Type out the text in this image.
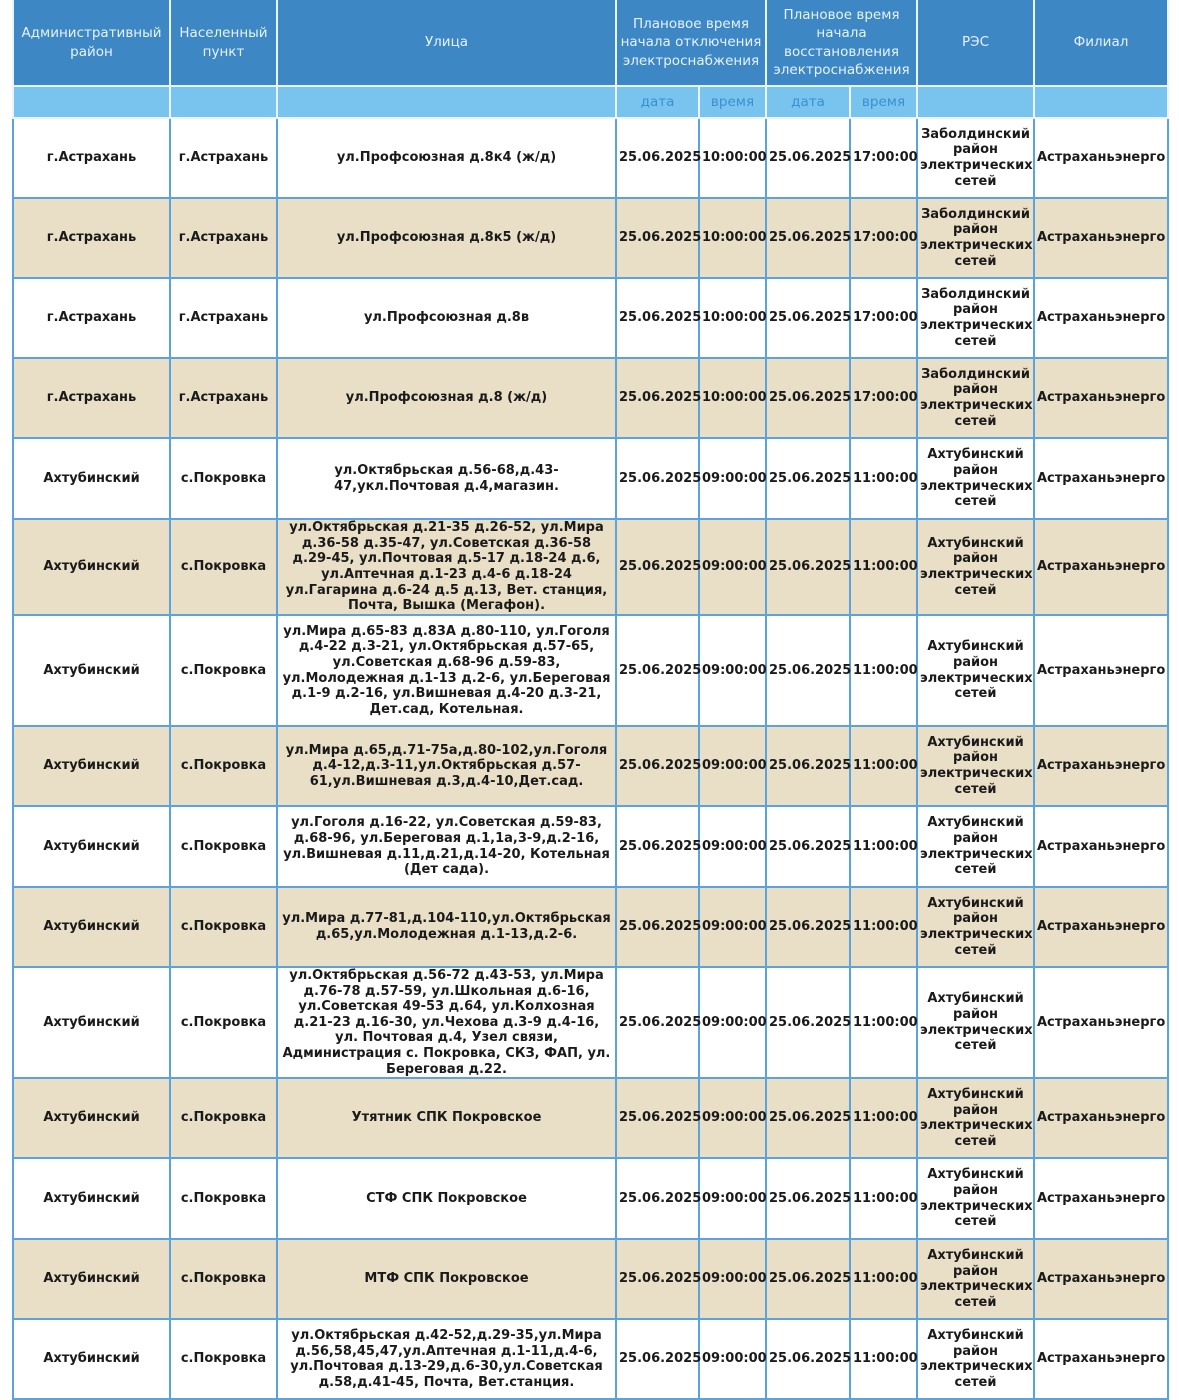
Административный район	Населенный пункт	Улица	Плановое время начала отключения электроснабжения		Плановое время начала восстановления электроснабжения		РЭС	Филиал
			дата	время	дата	время		
г.Астрахань	г.Астрахань	ул.Профсоюзная д.8к4 (ж/д)	25.06.2025	10:00:00	25.06.2025	17:00:00	Заболдинский район электрических сетей	Астраханьэнерго
г.Астрахань	г.Астрахань	ул.Профсоюзная д.8к5 (ж/д)	25.06.2025	10:00:00	25.06.2025	17:00:00	Заболдинский район электрических сетей	Астраханьэнерго
г.Астрахань	г.Астрахань	ул.Профсоюзная д.8в	25.06.2025	10:00:00	25.06.2025	17:00:00	Заболдинский район электрических сетей	Астраханьэнерго
г.Астрахань	г.Астрахань	ул.Профсоюзная д.8 (ж/д)	25.06.2025	10:00:00	25.06.2025	17:00:00	Заболдинский район электрических сетей	Астраханьэнерго
Ахтубинский	с.Покровка	ул.Октябрьская д.56-68,д.43-47,укл.Почтовая д.4,магазин.	25.06.2025	09:00:00	25.06.2025	11:00:00	Ахтубинский район электрических сетей	Астраханьэнерго
Ахтубинский	с.Покровка	ул.Октябрьская д.21-35 д.26-52, ул.Мира д.36-58 д.35-47, ул.Советская д.36-58 д.29-45, ул.Почтовая д.5-17 д.18-24 д.6, ул.Аптечная д.1-23 д.4-6 д.18-24 ул.Гагарина д.6-24 д.5 д.13, Вет. станция, Почта, Вышка (Мегафон).	25.06.2025	09:00:00	25.06.2025	11:00:00	Ахтубинский район электрических сетей	Астраханьэнерго
Ахтубинский	с.Покровка	ул.Мира д.65-83 д.83А д.80-110, ул.Гоголя д.4-22 д.3-21, ул.Октябрьская д.57-65, ул.Советская д.68-96 д.59-83, ул.Молодежная д.1-13 д.2-6, ул.Береговая д.1-9 д.2-16, ул.Вишневая д.4-20 д.3-21, Дет.сад, Котельная.	25.06.2025	09:00:00	25.06.2025	11:00:00	Ахтубинский район электрических сетей	Астраханьэнерго
Ахтубинский	с.Покровка	ул.Мира д.65,д.71-75а,д.80-102,ул.Гоголя д.4-12,д.3-11,ул.Октябрьская д.57-61,ул.Вишневая д.3,д.4-10,Дет.сад.	25.06.2025	09:00:00	25.06.2025	11:00:00	Ахтубинский район электрических сетей	Астраханьэнерго
Ахтубинский	с.Покровка	ул.Гоголя д.16-22, ул.Советская д.59-83, д.68-96, ул.Береговая д.1,1а,3-9,д.2-16, ул.Вишневая д.11,д.21,д.14-20, Котельная (Дет сада).	25.06.2025	09:00:00	25.06.2025	11:00:00	Ахтубинский район электрических сетей	Астраханьэнерго
Ахтубинский	с.Покровка	ул.Мира д.77-81,д.104-110,ул.Октябрьская д.65,ул.Молодежная д.1-13,д.2-6.	25.06.2025	09:00:00	25.06.2025	11:00:00	Ахтубинский район электрических сетей	Астраханьэнерго
Ахтубинский	с.Покровка	ул.Октябрьская д.56-72 д.43-53, ул.Мира д.76-78 д.57-59, ул.Школьная д.6-16, ул.Советская 49-53 д.64, ул.Колхозная д.21-23 д.16-30, ул.Чехова д.3-9 д.4-16, ул. Почтовая д.4, Узел связи, Администрация с. Покровка, СКЗ, ФАП, ул. Береговая д.22.	25.06.2025	09:00:00	25.06.2025	11:00:00	Ахтубинский район электрических сетей	Астраханьэнерго
Ахтубинский	с.Покровка	Утятник СПК Покровское	25.06.2025	09:00:00	25.06.2025	11:00:00	Ахтубинский район электрических сетей	Астраханьэнерго
Ахтубинский	с.Покровка	СТФ СПК Покровское	25.06.2025	09:00:00	25.06.2025	11:00:00	Ахтубинский район электрических сетей	Астраханьэнерго
Ахтубинский	с.Покровка	МТФ СПК Покровское	25.06.2025	09:00:00	25.06.2025	11:00:00	Ахтубинский район электрических сетей	Астраханьэнерго
Ахтубинский	с.Покровка	ул.Октябрьская д.42-52,д.29-35,ул.Мира д.56,58,45,47,ул.Аптечная д.1-11,д.4-6, ул.Почтовая д.13-29,д.6-30,ул.Советская д.58,д.41-45, Почта, Вет.станция.	25.06.2025	09:00:00	25.06.2025	11:00:00	Ахтубинский район электрических сетей	Астраханьэнерго
